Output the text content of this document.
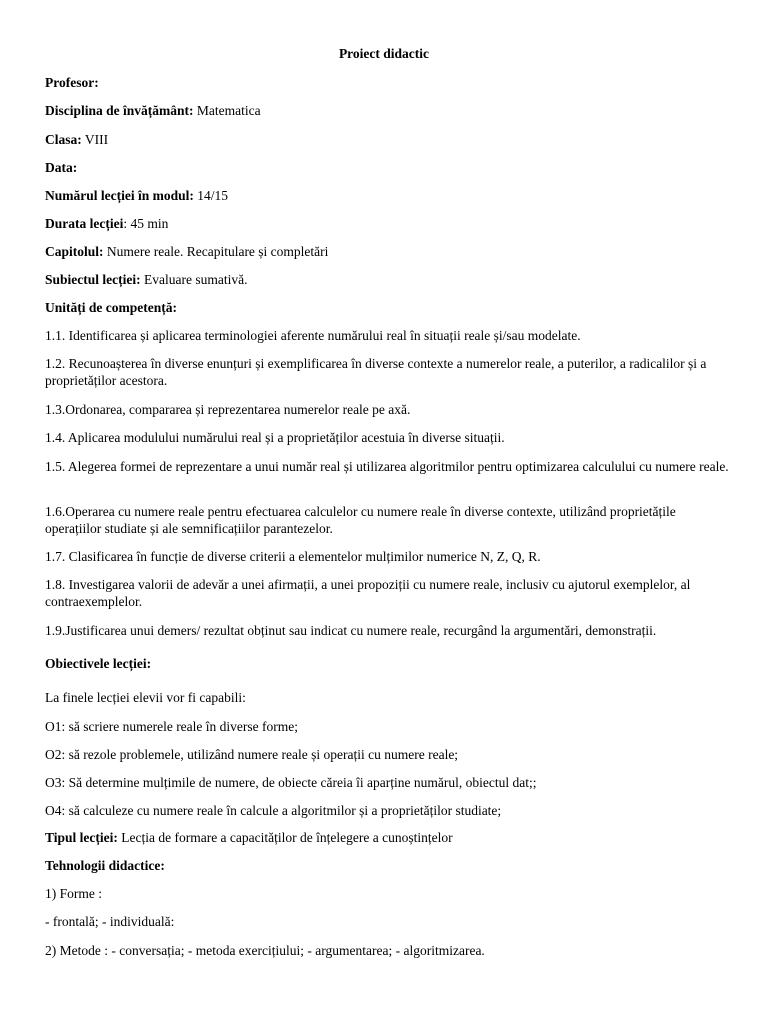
Proiect didactic
Profesor:
Disciplina de învățământ: Matematica
Clasa: VIII
Data:
Numărul lecției în modul: 14/15
Durata lecției: 45 min
Capitolul: Numere reale. Recapitulare și completări
Subiectul lecției: Evaluare sumativă.
Unități de competență:
1.1. Identificarea și aplicarea terminologiei aferente numărului real în situații reale și/sau modelate.
1.2. Recunoașterea în diverse enunțuri și exemplificarea în diverse contexte a numerelor reale, a puterilor, a radicalilor și a proprietăților acestora.
1.3.Ordonarea, compararea și reprezentarea numerelor reale pe axă.
1.4. Aplicarea modulului numărului real și a proprietăților acestuia în diverse situații.
1.5. Alegerea formei de reprezentare a unui număr real și utilizarea algoritmilor pentru optimizarea calculului cu numere reale.
1.6.Operarea cu numere reale pentru efectuarea calculelor cu numere reale în diverse contexte, utilizând proprietățile operațiilor studiate și ale semnificațiilor parantezelor.
1.7. Clasificarea în funcție de diverse criterii a elementelor mulțimilor numerice N, Z, Q, R.
1.8. Investigarea valorii de adevăr a unei afirmații, a unei propoziții cu numere reale, inclusiv cu ajutorul exemplelor, al contraexemplelor.
1.9.Justificarea unui demers/ rezultat obținut sau indicat cu numere reale, recurgând la argumentări, demonstrații.
Obiectivele lecției:
La finele lecției elevii vor fi capabili:
O1: să scriere numerele reale în diverse forme;
O2: să rezole problemele, utilizând numere reale și operații cu numere reale;
O3: Să determine mulțimile de numere, de obiecte căreia îi aparține numărul, obiectul dat;;
O4: să calculeze cu numere reale în calcule a algoritmilor și a proprietăților studiate;
Tipul lecției: Lecția de formare a capacităților de înțelegere a cunoștințelor
Tehnologii didactice:
1) Forme :
- frontală; - individuală:
2) Metode : - conversația; - metoda exercițiului; - argumentarea; - algoritmizarea.
